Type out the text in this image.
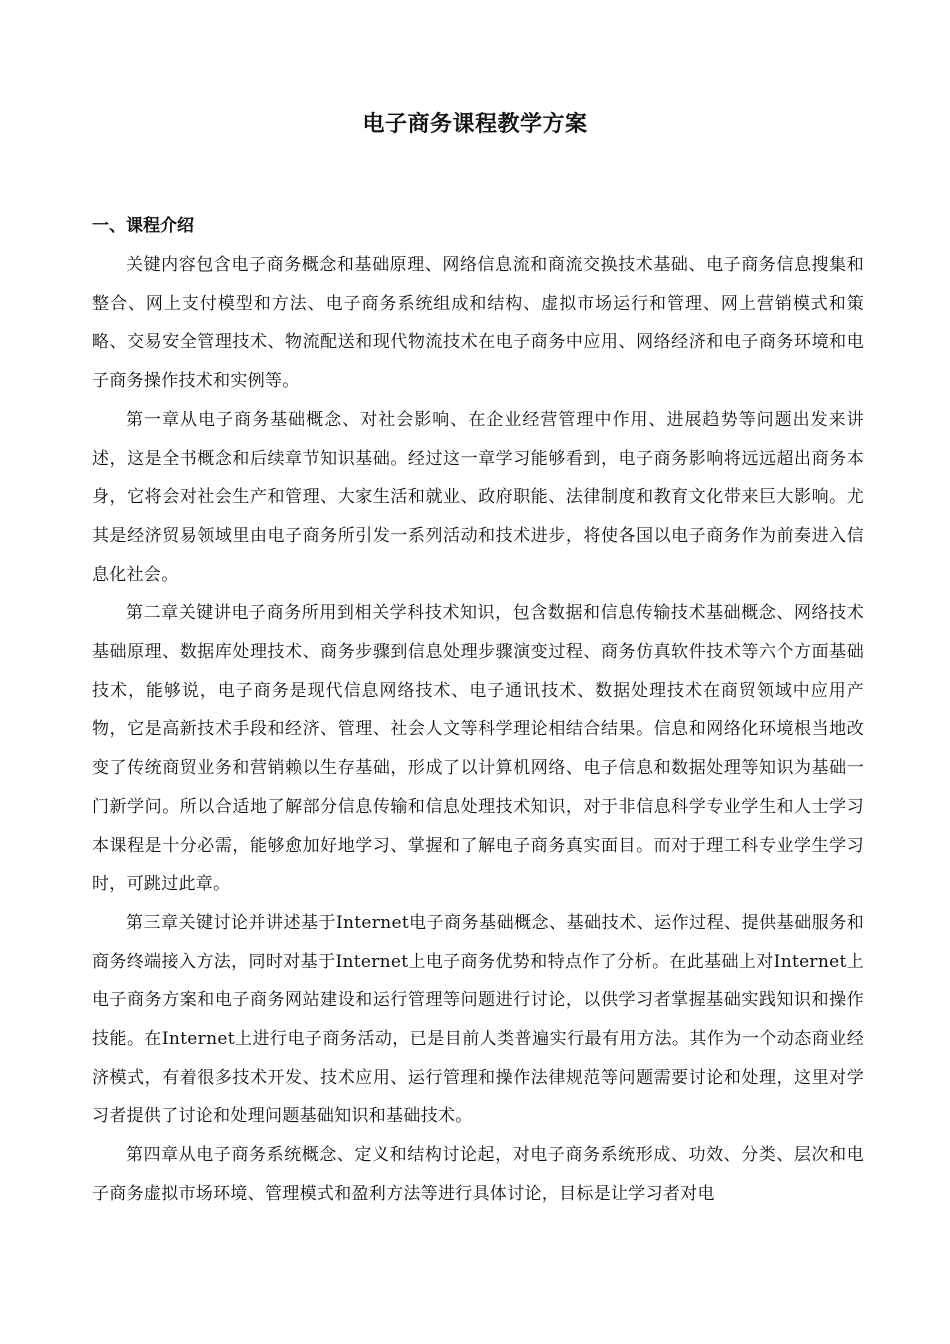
电子商务课程教学方案
一、课程介绍

关键内容包含电子商务概念和基础原理、网络信息流和商流交换技术基础、电子商务信息搜集和整合、网上支付模型和方法、电子商务系统组成和结构、虚拟市场运行和管理、网上营销模式和策略、交易安全管理技术、物流配送和现代物流技术在电子商务中应用、网络经济和电子商务环境和电子商务操作技术和实例等。

第一章从电子商务基础概念、对社会影响、在企业经营管理中作用、进展趋势等问题出发来讲述，这是全书概念和后续章节知识基础。经过这一章学习能够看到，电子商务影响将远远超出商务本身，它将会对社会生产和管理、大家生活和就业、政府职能、法律制度和教育文化带来巨大影响。尤其是经济贸易领域里由电子商务所引发一系列活动和技术进步，将使各国以电子商务作为前奏进入信息化社会。

第二章关键讲电子商务所用到相关学科技术知识，包含数据和信息传输技术基础概念、网络技术基础原理、数据库处理技术、商务步骤到信息处理步骤演变过程、商务仿真软件技术等六个方面基础技术，能够说，电子商务是现代信息网络技术、电子通讯技术、数据处理技术在商贸领域中应用产物，它是高新技术手段和经济、管理、社会人文等科学理论相结合结果。信息和网络化环境根当地改变了传统商贸业务和营销赖以生存基础，形成了以计算机网络、电子信息和数据处理等知识为基础一门新学问。所以合适地了解部分信息传输和信息处理技术知识，对于非信息科学专业学生和人士学习本课程是十分必需，能够愈加好地学习、掌握和了解电子商务真实面目。而对于理工科专业学生学习时，可跳过此章。

第三章关键讨论并讲述基于Internet电子商务基础概念、基础技术、运作过程、提供基础服务和商务终端接入方法，同时对基于Internet上电子商务优势和特点作了分析。在此基础上对Internet上电子商务方案和电子商务网站建设和运行管理等问题进行讨论，以供学习者掌握基础实践知识和操作技能。在Internet上进行电子商务活动，已是目前人类普遍实行最有用方法。其作为一个动态商业经济模式，有着很多技术开发、技术应用、运行管理和操作法律规范等问题需要讨论和处理，这里对学习者提供了讨论和处理问题基础知识和基础技术。

第四章从电子商务系统概念、定义和结构讨论起，对电子商务系统形成、功效、分类、层次和电子商务虚拟市场环境、管理模式和盈利方法等进行具体讨论，目标是让学习者对电
